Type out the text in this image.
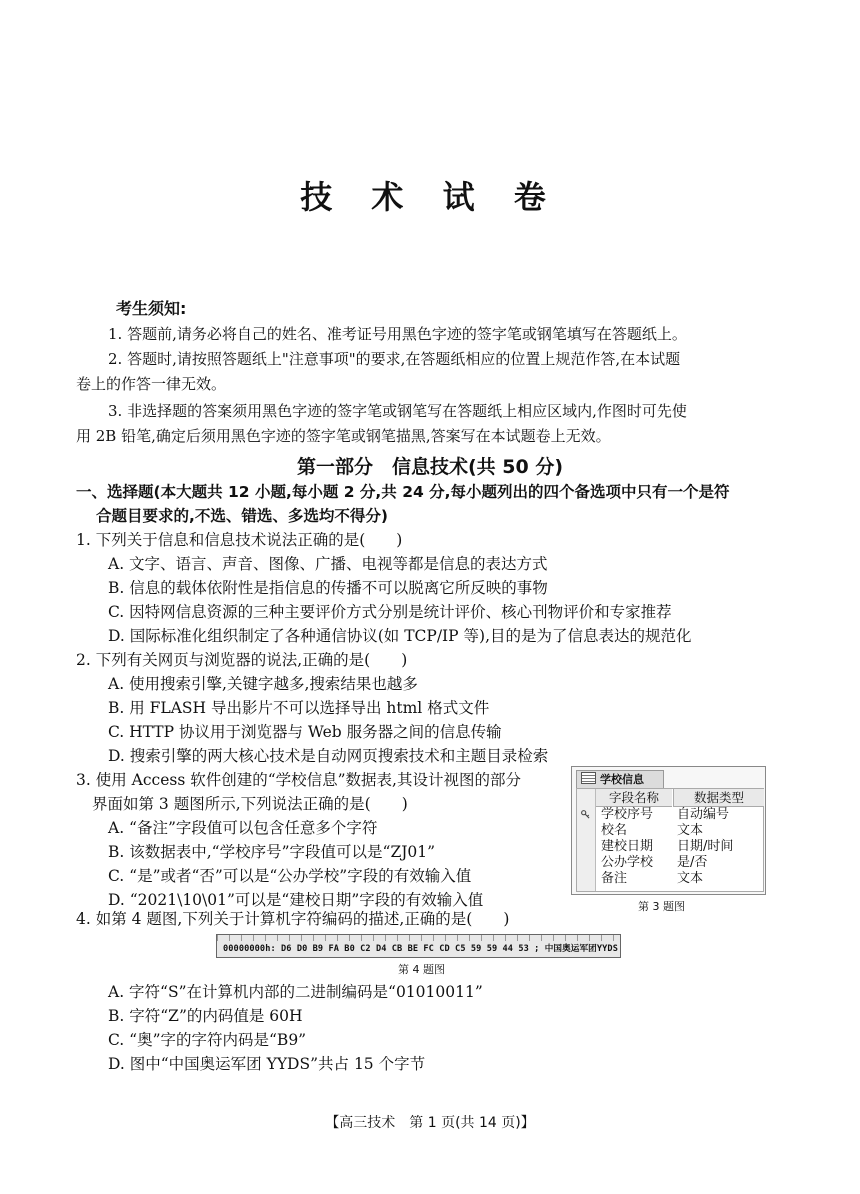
技 术 试 卷
考生须知:
1. 答题前,请务必将自己的姓名、准考证号用黑色字迹的签字笔或钢笔填写在答题纸上。
2. 答题时,请按照答题纸上"注意事项"的要求,在答题纸相应的位置上规范作答,在本试题
卷上的作答一律无效。
3. 非选择题的答案须用黑色字迹的签字笔或钢笔写在答题纸上相应区域内,作图时可先使
用 2B 铅笔,确定后须用黑色字迹的签字笔或钢笔描黑,答案写在本试题卷上无效。
第一部分　信息技术(共 50 分)
一、选择题(本大题共 12 小题,每小题 2 分,共 24 分,每小题列出的四个备选项中只有一个是符
合题目要求的,不选、错选、多选均不得分)
1. 下列关于信息和信息技术说法正确的是(　　)
A. 文字、语言、声音、图像、广播、电视等都是信息的表达方式
B. 信息的载体依附性是指信息的传播不可以脱离它所反映的事物
C. 因特网信息资源的三种主要评价方式分别是统计评价、核心刊物评价和专家推荐
D. 国际标准化组织制定了各种通信协议(如 TCP/IP 等),目的是为了信息表达的规范化
2. 下列有关网页与浏览器的说法,正确的是(　　)
A. 使用搜索引擎,关键字越多,搜索结果也越多
B. 用 FLASH 导出影片不可以选择导出 html 格式文件
C. HTTP 协议用于浏览器与 Web 服务器之间的信息传输
D. 搜索引擎的两大核心技术是自动网页搜索技术和主题目录检索
3. 使用 Access 软件创建的“学校信息”数据表,其设计视图的部分
界面如第 3 题图所示,下列说法正确的是(　　)
A. “备注”字段值可以包含任意多个字符
B. 该数据表中,“学校序号”字段值可以是“ZJ01”
C. “是”或者“否”可以是“公办学校”字段的有效输入值
D. “2021\10\01”可以是“建校日期”字段的有效输入值
学校信息
字段名称	数据类型
学校序号 自动编号
校名	文本
建校日期 日期/时间
公办学校 是/否
备注	文本
第 3 题图
4. 如第 4 题图,下列关于计算机字符编码的描述,正确的是(　　)
00000000h: D6 D0 B9 FA B0 C2 D4 CB BE FC CD C5 59 59 44 53 ; 中国奥运军团YYDS
第 4 题图
A. 字符“S”在计算机内部的二进制编码是“01010011”
B. 字符“Z”的内码值是 60H
C. “奥”字的字符内码是“B9”
D. 图中“中国奥运军团 YYDS”共占 15 个字节
【高三技术　第 1 页(共 14 页)】
